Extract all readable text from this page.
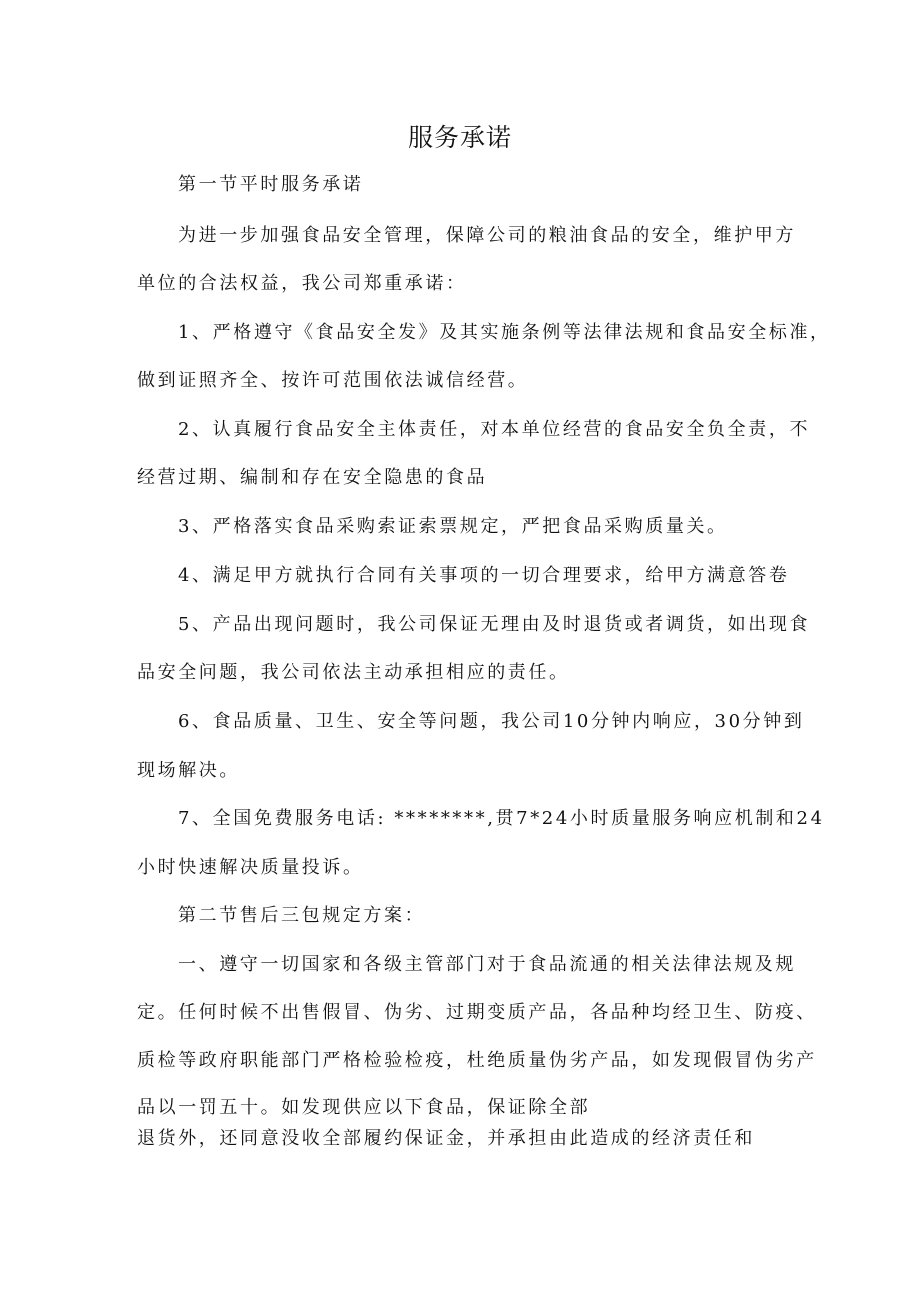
服务承诺
第一节平时服务承诺
为进一步加强食品安全管理，保障公司的粮油食品的安全，维护甲方
单位的合法权益，我公司郑重承诺：
1、严格遵守《食品安全发》及其实施条例等法律法规和食品安全标准，
做到证照齐全、按许可范围依法诚信经营。
2、认真履行食品安全主体责任，对本单位经营的食品安全负全责，不
经营过期、编制和存在安全隐患的食品
3、严格落实食品采购索证索票规定，严把食品采购质量关。
4、满足甲方就执行合同有关事项的一切合理要求，给甲方满意答卷
5、产品出现问题时，我公司保证无理由及时退货或者调货，如出现食
品安全问题，我公司依法主动承担相应的责任。
6、食品质量、卫生、安全等问题，我公司10分钟内响应，30分钟到
现场解决。
7、全国免费服务电话: ********,贯7*24小时质量服务响应机制和24
小时快速解决质量投诉。
第二节售后三包规定方案：
一、遵守一切国家和各级主管部门对于食品流通的相关法律法规及规
定。任何时候不出售假冒、伪劣、过期变质产品，各品种均经卫生、防疫、
质检等政府职能部门严格检验检疫，杜绝质量伪劣产品，如发现假冒伪劣产
品以一罚五十。如发现供应以下食品，保证除全部
退货外，还同意没收全部履约保证金，并承担由此造成的经济责任和
